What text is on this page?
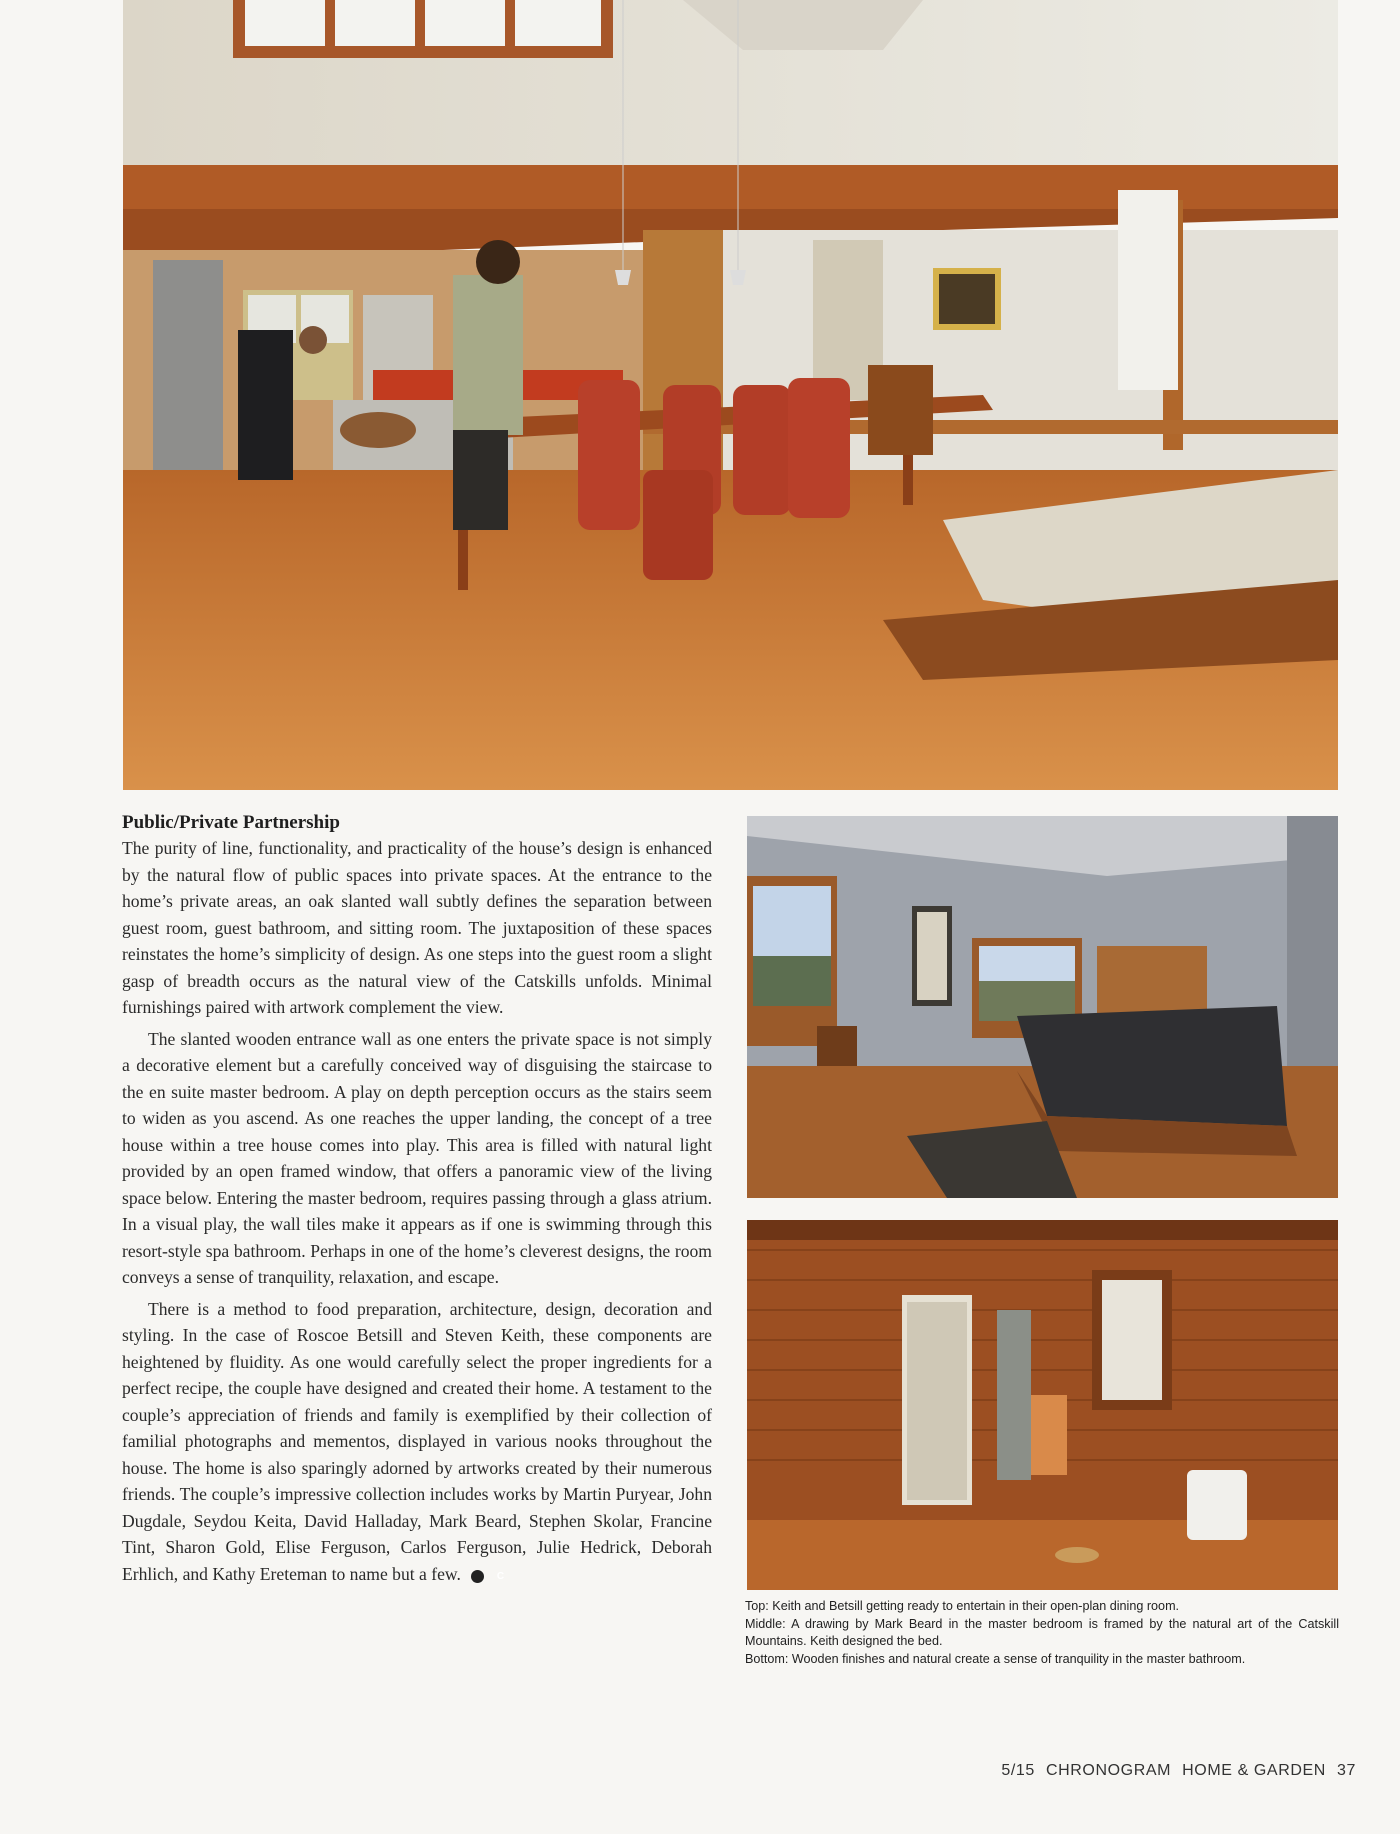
Public/Private Partnership

The purity of line, functionality, and practicality of the house’s design is enhanced by the natural flow of public spaces into private spaces. At the entrance to the home’s private areas, an oak slanted wall subtly defines the separation between guest room, guest bathroom, and sitting room. The juxtaposition of these spaces reinstates the home’s simplicity of design. As one steps into the guest room a slight gasp of breadth occurs as the natural view of the Catskills unfolds. Minimal furnishings paired with artwork complement the view.

The slanted wooden entrance wall as one enters the private space is not simply a decorative element but a carefully conceived way of disguising the staircase to the en suite master bedroom. A play on depth perception occurs as the stairs seem to widen as you ascend. As one reaches the upper landing, the concept of a tree house within a tree house comes into play. This area is filled with natural light provided by an open framed window, that offers a panoramic view of the living space below. Entering the master bedroom, requires passing through a glass atrium. In a visual play, the wall tiles make it appears as if one is swimming through this resort-style spa bathroom. Perhaps in one of the home’s cleverest designs, the room conveys a sense of tranquility, relaxation, and escape.

There is a method to food preparation, architecture, design, decoration and styling. In the case of Roscoe Betsill and Steven Keith, these components are heightened by fluidity. As one would carefully select the proper ingredients for a perfect recipe, the couple have designed and created their home. A testament to the couple’s appreciation of friends and family is exemplified by their collection of familial photographs and mementos, displayed in various nooks throughout the house. The home is also sparingly adorned by artworks created by their numerous friends. The couple’s impressive collection includes works by Martin Puryear, John Dugdale, Seydou Keita, David Halladay, Mark Beard, Stephen Skolar, Francine Tint, Sharon Gold, Elise Ferguson, Carlos Ferguson, Julie Hedrick, Deborah Erhlich, and Kathy Ereteman to name but a few.	C

Top: Keith and Betsill getting ready to entertain in their open-plan dining room.

Middle: A drawing by Mark Beard in the master bedroom is framed by the natural art of the Catskill Mountains. Keith designed the bed.

Bottom: Wooden finishes and natural create a sense of tranquility in the master bathroom.

5/15 CHRONOGRAM HOME & GARDEN 37
